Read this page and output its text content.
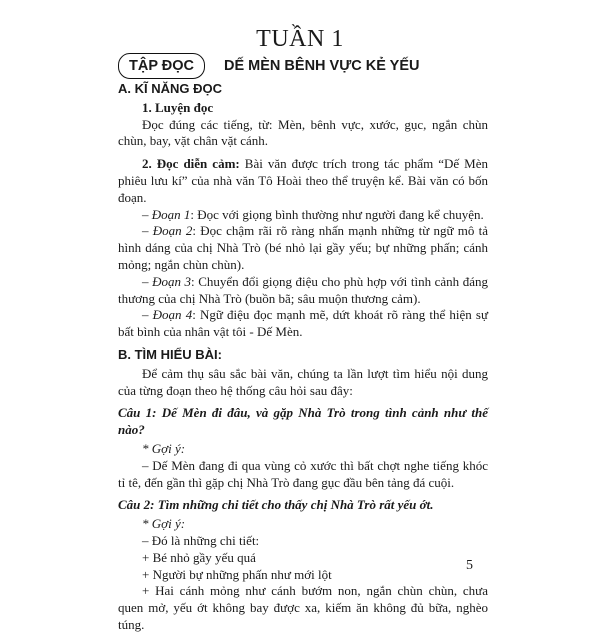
TUẦN 1
TẬP ĐỌC	DẾ MÈN BÊNH VỰC KẺ YẾU

A. KĨ NĂNG ĐỌC

1. Luyện đọc

Đọc đúng các tiếng, từ: Mèn, bênh vực, xước, gục, ngắn chùn chùn, bay, vặt chân vặt cánh.

2. Đọc diễn cảm: Bài văn được trích trong tác phẩm “Dế Mèn phiêu lưu kí” của nhà văn Tô Hoài theo thể truyện kể. Bài văn có bốn đoạn.

– Đoạn 1: Đọc với giọng bình thường như người đang kể chuyện.

– Đoạn 2: Đọc chậm rãi rõ ràng nhấn mạnh những từ ngữ mô tả hình dáng của chị Nhà Trò (bé nhỏ lại gầy yếu; bự những phấn; cánh mỏng; ngắn chùn chùn).

– Đoạn 3: Chuyển đổi giọng điệu cho phù hợp với tình cảnh đáng thương của chị Nhà Trò (buồn bã; sâu muộn thương cảm).

– Đoạn 4: Ngữ điệu đọc mạnh mẽ, dứt khoát rõ ràng thể hiện sự bất bình của nhân vật tôi - Dế Mèn.

B. TÌM HIỂU BÀI:

Để cảm thụ sâu sắc bài văn, chúng ta lần lượt tìm hiểu nội dung của từng đoạn theo hệ thống câu hỏi sau đây:

Câu 1: Dế Mèn đi đâu, và gặp Nhà Trò trong tình cảnh như thế nào?

* Gợi ý:

– Dế Mèn đang đi qua vùng cỏ xước thì bất chợt nghe tiếng khóc tỉ tê, đến gần thì gặp chị Nhà Trò đang gục đầu bên tảng đá cuội.

Câu 2: Tìm những chi tiết cho thấy chị Nhà Trò rất yếu ớt.

* Gợi ý:

– Đó là những chi tiết:

+ Bé nhỏ gầy yếu quá

+ Người bự những phấn như mới lột

+ Hai cánh mỏng như cánh bướm non, ngắn chùn chùn, chưa quen mở, yếu ớt không bay được xa, kiếm ăn không đủ bữa, nghèo túng.

5
